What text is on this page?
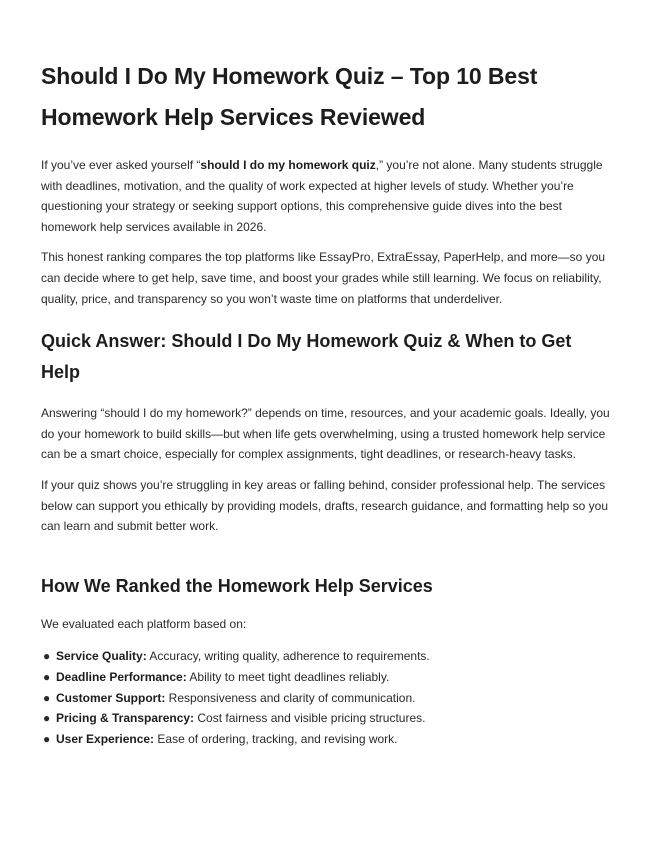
Should I Do My Homework Quiz – Top 10 Best
Homework Help Services Reviewed

If you’ve ever asked yourself “should I do my homework quiz,” you’re not alone. Many students struggle with deadlines, motivation, and the quality of work expected at higher levels of study. Whether you’re questioning your strategy or seeking support options, this comprehensive guide dives into the best homework help services available in 2026.

This honest ranking compares the top platforms like EssayPro, ExtraEssay, PaperHelp, and more—so you can decide where to get help, save time, and boost your grades while still learning. We focus on reliability, quality, price, and transparency so you won’t waste time on platforms that underdeliver.

Quick Answer: Should I Do My Homework Quiz & When to Get
Help

Answering “should I do my homework?” depends on time, resources, and your academic goals. Ideally, you do your homework to build skills—but when life gets overwhelming, using a trusted homework help service can be a smart choice, especially for complex assignments, tight deadlines, or research-heavy tasks.

If your quiz shows you’re struggling in key areas or falling behind, consider professional help. The services below can support you ethically by providing models, drafts, research guidance, and formatting help so you can learn and submit better work.

How We Ranked the Homework Help Services

We evaluated each platform based on:

● Service Quality: Accuracy, writing quality, adherence to requirements.
● Deadline Performance: Ability to meet tight deadlines reliably.
● Customer Support: Responsiveness and clarity of communication.
● Pricing & Transparency: Cost fairness and visible pricing structures.
● User Experience: Ease of ordering, tracking, and revising work.
